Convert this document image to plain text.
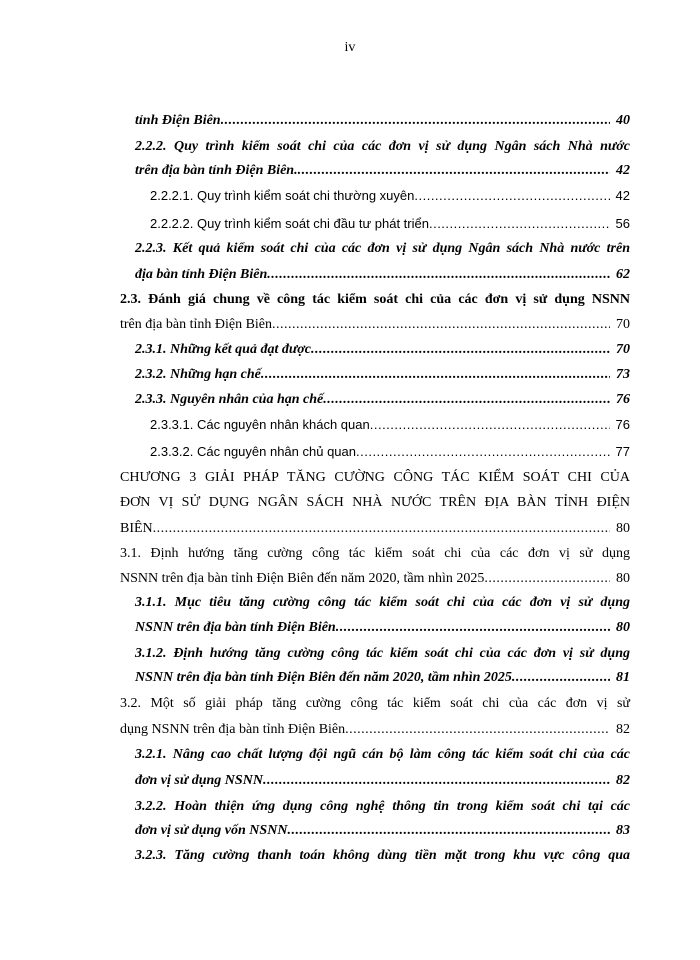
iv
tỉnh Điện Biên .....	40
2.2.2. Quy trình kiểm soát chi của các đơn vị sử dụng Ngân sách Nhà nước
trên địa bàn tỉnh Điện Biên. .....	42
2.2.2.1. Quy trình kiểm soát chi thường xuyên .....	42
2.2.2.2. Quy trình kiểm soát chi đầu tư phát triển .....	56
2.2.3. Kết quả kiểm soát chi của các đơn vị sử dụng Ngân sách Nhà nước trên
địa bàn tỉnh Điện Biên .....	62
2.3. Đánh giá chung về công tác kiểm soát chi của các đơn vị sử dụng NSNN
trên địa bàn tỉnh Điện Biên .....	70
2.3.1. Những kết quả đạt được .....	70
2.3.2. Những hạn chế .....	73
2.3.3. Nguyên nhân của hạn chế .....	76
2.3.3.1. Các nguyên nhân khách quan .....	76
2.3.3.2. Các nguyên nhân chủ quan .....	77
CHƯƠNG 3 GIẢI PHÁP TĂNG CƯỜNG CÔNG TÁC KIỂM SOÁT CHI CỦA
ĐƠN VỊ SỬ DỤNG NGÂN SÁCH NHÀ NƯỚC TRÊN ĐỊA BÀN TỈNH ĐIỆN
BIÊN .....	80
3.1. Định hướng tăng cường công tác kiểm soát chi của các đơn vị sử dụng
NSNN trên địa bàn tỉnh Điện Biên đến năm 2020, tầm nhìn 2025 .....	80
3.1.1. Mục tiêu tăng cường công tác kiểm soát chi của các đơn vị sử dụng
NSNN trên địa bàn tỉnh Điện Biên .....	80
3.1.2. Định hướng tăng cường công tác kiểm soát chi của các đơn vị sử dụng
NSNN trên địa bàn tỉnh Điện Biên đến năm 2020, tầm nhìn 2025 .....	81
3.2. Một số giải pháp tăng cường công tác kiểm soát chi của các đơn vị sử
dụng NSNN trên địa bàn tỉnh Điện Biên .....	82
3.2.1. Nâng cao chất lượng đội ngũ cán bộ làm công tác kiểm soát chi của các
đơn vị sử dụng NSNN .....	82
3.2.2. Hoàn thiện ứng dụng công nghệ thông tin trong kiểm soát chi tại các
đơn vị sử dụng vốn NSNN .....	83
3.2.3. Tăng cường thanh toán không dùng tiền mặt trong khu vực công qua
